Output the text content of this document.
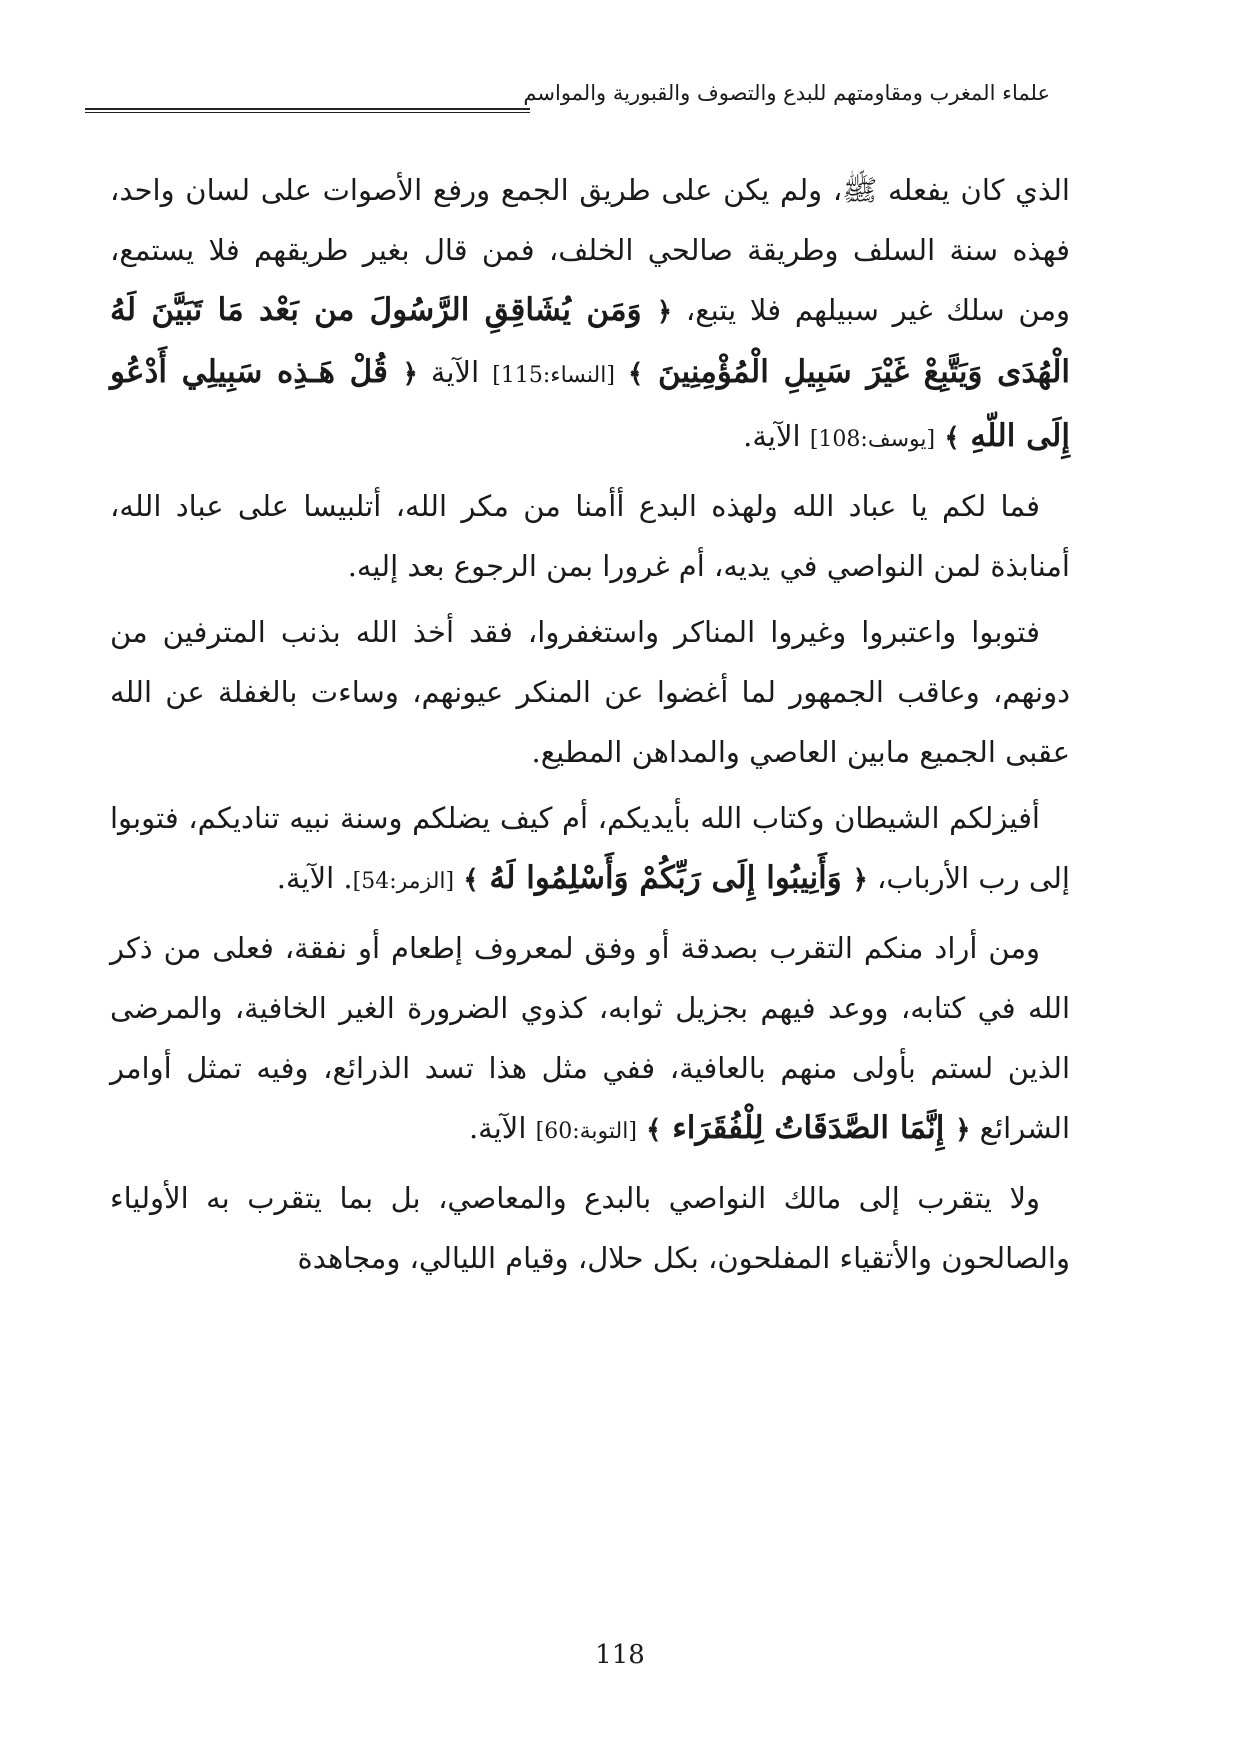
علماء المغرب ومقاومتهم للبدع والتصوف والقبورية والمواسم

الذي كان يفعله ﷺ، ولم يكن على طريق الجمع ورفع الأصوات على لسان واحد، فهذه سنة السلف وطريقة صالحي الخلف، فمن قال بغير طريقهم فلا يستمع، ومن سلك غير سبيلهم فلا يتبع، ﴿ وَمَن يُشَاقِقِ الرَّسُولَ من بَعْد مَا تَبَيَّنَ لَهُ الْهُدَى وَيَتَّبِعْ غَيْرَ سَبِيلِ الْمُؤْمِنِينَ ﴾ [النساء:115] الآية ﴿ قُلْ هَـذِه سَبِيلِي أَدْعُو إِلَى اللّهِ ﴾ [يوسف:108] الآية.

فما لكم يا عباد الله ولهذه البدع أأمنا من مكر الله، أتلبيسا على عباد الله، أمنابذة لمن النواصي في يديه، أم غرورا بمن الرجوع بعد إليه.

فتوبوا واعتبروا وغيروا المناكر واستغفروا، فقد أخذ الله بذنب المترفين من دونهم، وعاقب الجمهور لما أغضوا عن المنكر عيونهم، وساءت بالغفلة عن الله عقبى الجميع مابين العاصي والمداهن المطيع.

أفيزلكم الشيطان وكتاب الله بأيديكم، أم كيف يضلكم وسنة نبيه تناديكم، فتوبوا إلى رب الأرباب، ﴿ وَأَنِيبُوا إِلَى رَبِّكُمْ وَأَسْلِمُوا لَهُ ﴾ [الزمر:54]. الآية.

ومن أراد منكم التقرب بصدقة أو وفق لمعروف إطعام أو نفقة، فعلى من ذكر الله في كتابه، ووعد فيهم بجزيل ثوابه، كذوي الضرورة الغير الخافية، والمرضى الذين لستم بأولى منهم بالعافية، ففي مثل هذا تسد الذرائع، وفيه تمثل أوامر الشرائع ﴿ إِنَّمَا الصَّدَقَاتُ لِلْفُقَرَاء ﴾ [التوبة:60] الآية.

ولا يتقرب إلى مالك النواصي بالبدع والمعاصي، بل بما يتقرب به الأولياء والصالحون والأتقياء المفلحون، بكل حلال، وقيام الليالي، ومجاهدة

118
